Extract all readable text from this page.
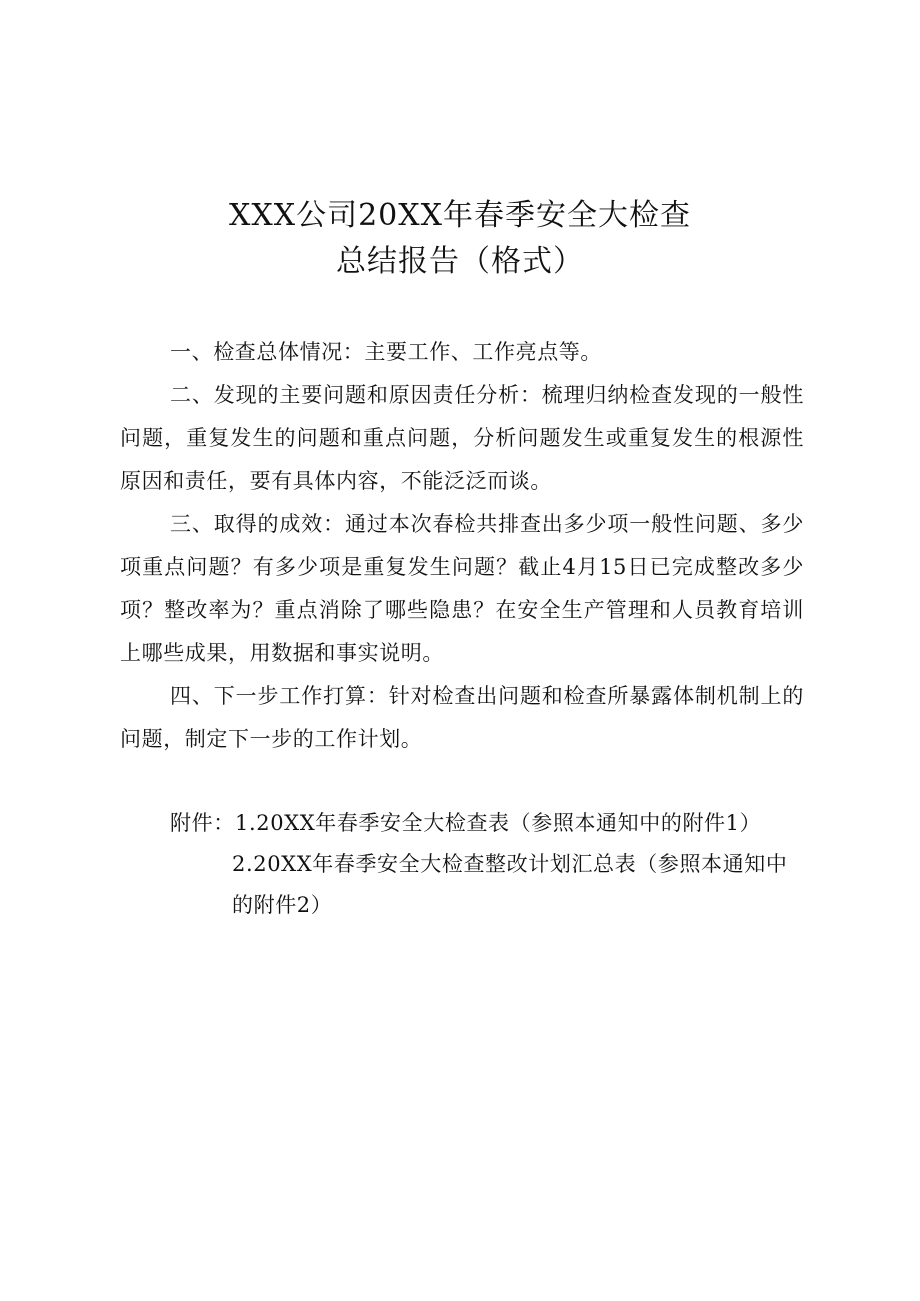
XXX公司20XX年春季安全大检查
总结报告（格式）

一、检查总体情况：主要工作、工作亮点等。

二、发现的主要问题和原因责任分析：梳理归纳检查发现的一般性问题，重复发生的问题和重点问题，分析问题发生或重复发生的根源性原因和责任，要有具体内容，不能泛泛而谈。

三、取得的成效：通过本次春检共排查出多少项一般性问题、多少项重点问题？有多少项是重复发生问题？截止4月15日已完成整改多少项？整改率为？重点消除了哪些隐患？在安全生产管理和人员教育培训上哪些成果，用数据和事实说明。

四、下一步工作打算：针对检查出问题和检查所暴露体制机制上的问题，制定下一步的工作计划。

附件： 1.20XX年春季安全大检查表（参照本通知中的附件1）
2.20XX年春季安全大检查整改计划汇总表（参照本通知中的附件2）
